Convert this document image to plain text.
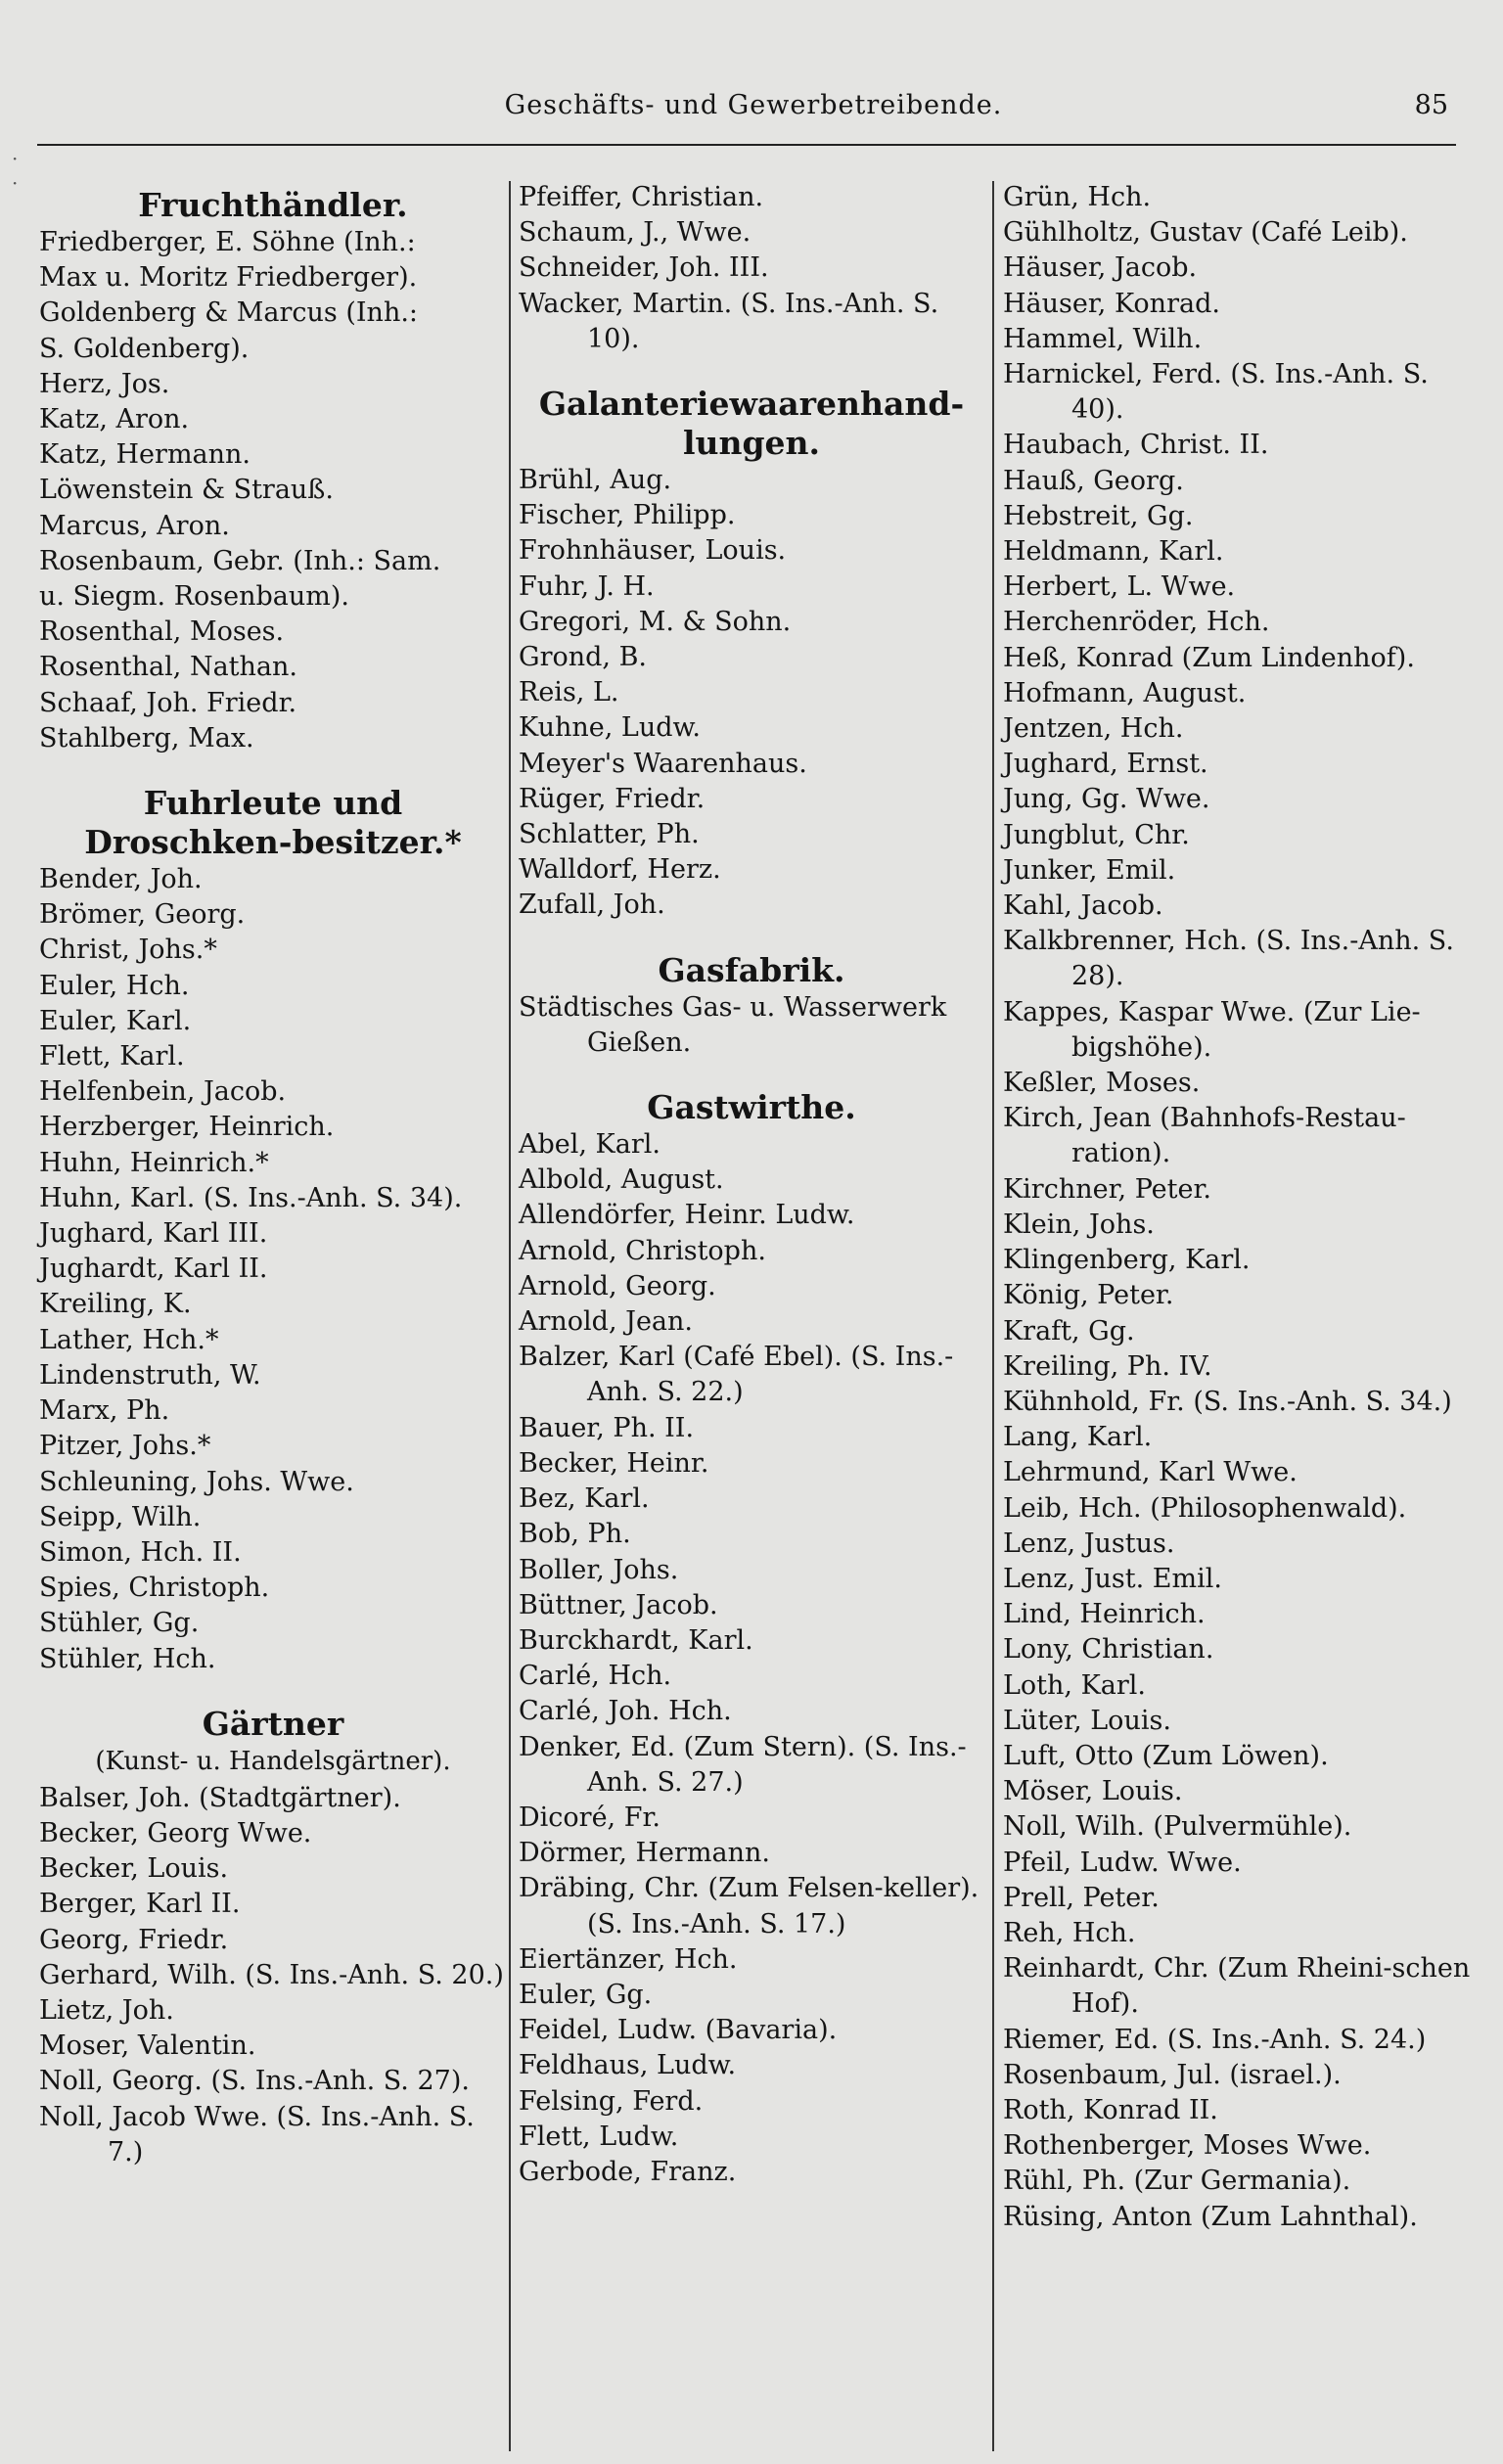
Geschäfts- und Gewerbetreibende.	85
·
·
Fruchthändler.
Friedberger, E. Söhne (Inh.:
Max u. Moritz Friedberger).
Goldenberg & Marcus (Inh.:
S. Goldenberg).
Herz, Jos.
Katz, Aron.
Katz, Hermann.
Löwenstein & Strauß.
Marcus, Aron.
Rosenbaum, Gebr. (Inh.: Sam.
u. Siegm. Rosenbaum).
Rosenthal, Moses.
Rosenthal, Nathan.
Schaaf, Joh. Friedr.
Stahlberg, Max.
Fuhrleute und Droschken-besitzer.*
Bender, Joh.
Brömer, Georg.
Christ, Johs.*
Euler, Hch.
Euler, Karl.
Flett, Karl.
Helfenbein, Jacob.
Herzberger, Heinrich.
Huhn, Heinrich.*
Huhn, Karl. (S. Ins.-Anh. S. 34).
Jughard, Karl III.
Jughardt, Karl II.
Kreiling, K.
Lather, Hch.*
Lindenstruth, W.
Marx, Ph.
Pitzer, Johs.*
Schleuning, Johs. Wwe.
Seipp, Wilh.
Simon, Hch. II.
Spies, Christoph.
Stühler, Gg.
Stühler, Hch.
Gärtner
(Kunst- u. Handelsgärtner).
Balser, Joh. (Stadtgärtner).
Becker, Georg Wwe.
Becker, Louis.
Berger, Karl II.
Georg, Friedr.
Gerhard, Wilh. (S. Ins.-Anh. S. 20.)
Lietz, Joh.
Moser, Valentin.
Noll, Georg. (S. Ins.-Anh. S. 27).
Noll, Jacob Wwe. (S. Ins.-Anh. S. 7.)
Pfeiffer, Christian.
Schaum, J., Wwe.
Schneider, Joh. III.
Wacker, Martin. (S. Ins.-Anh. S. 10).
Galanteriewaarenhand-lungen.
Brühl, Aug.
Fischer, Philipp.
Frohnhäuser, Louis.
Fuhr, J. H.
Gregori, M. & Sohn.
Grond, B.
Reis, L.
Kuhne, Ludw.
Meyer's Waarenhaus.
Rüger, Friedr.
Schlatter, Ph.
Walldorf, Herz.
Zufall, Joh.
Gasfabrik.
Städtisches Gas- u. Wasserwerk Gießen.
Gastwirthe.
Abel, Karl.
Albold, August.
Allendörfer, Heinr. Ludw.
Arnold, Christoph.
Arnold, Georg.
Arnold, Jean.
Balzer, Karl (Café Ebel). (S. Ins.-Anh. S. 22.)
Bauer, Ph. II.
Becker, Heinr.
Bez, Karl.
Bob, Ph.
Boller, Johs.
Büttner, Jacob.
Burckhardt, Karl.
Carlé, Hch.
Carlé, Joh. Hch.
Denker, Ed. (Zum Stern). (S. Ins.-Anh. S. 27.)
Dicoré, Fr.
Dörmer, Hermann.
Dräbing, Chr. (Zum Felsen-keller). (S. Ins.-Anh. S. 17.)
Eiertänzer, Hch.
Euler, Gg.
Feidel, Ludw. (Bavaria).
Feldhaus, Ludw.
Felsing, Ferd.
Flett, Ludw.
Gerbode, Franz.
Grün, Hch.
Gühlholtz, Gustav (Café Leib).
Häuser, Jacob.
Häuser, Konrad.
Hammel, Wilh.
Harnickel, Ferd. (S. Ins.-Anh. S. 40).
Haubach, Christ. II.
Hauß, Georg.
Hebstreit, Gg.
Heldmann, Karl.
Herbert, L. Wwe.
Herchenröder, Hch.
Heß, Konrad (Zum Lindenhof).
Hofmann, August.
Jentzen, Hch.
Jughard, Ernst.
Jung, Gg. Wwe.
Jungblut, Chr.
Junker, Emil.
Kahl, Jacob.
Kalkbrenner, Hch. (S. Ins.-Anh. S. 28).
Kappes, Kaspar Wwe. (Zur Lie-bigshöhe).
Keßler, Moses.
Kirch, Jean (Bahnhofs-Restau-ration).
Kirchner, Peter.
Klein, Johs.
Klingenberg, Karl.
König, Peter.
Kraft, Gg.
Kreiling, Ph. IV.
Kühnhold, Fr. (S. Ins.-Anh. S. 34.)
Lang, Karl.
Lehrmund, Karl Wwe.
Leib, Hch. (Philosophenwald).
Lenz, Justus.
Lenz, Just. Emil.
Lind, Heinrich.
Lony, Christian.
Loth, Karl.
Lüter, Louis.
Luft, Otto (Zum Löwen).
Möser, Louis.
Noll, Wilh. (Pulvermühle).
Pfeil, Ludw. Wwe.
Prell, Peter.
Reh, Hch.
Reinhardt, Chr. (Zum Rheini-schen Hof).
Riemer, Ed. (S. Ins.-Anh. S. 24.)
Rosenbaum, Jul. (israel.).
Roth, Konrad II.
Rothenberger, Moses Wwe.
Rühl, Ph. (Zur Germania).
Rüsing, Anton (Zum Lahnthal).
